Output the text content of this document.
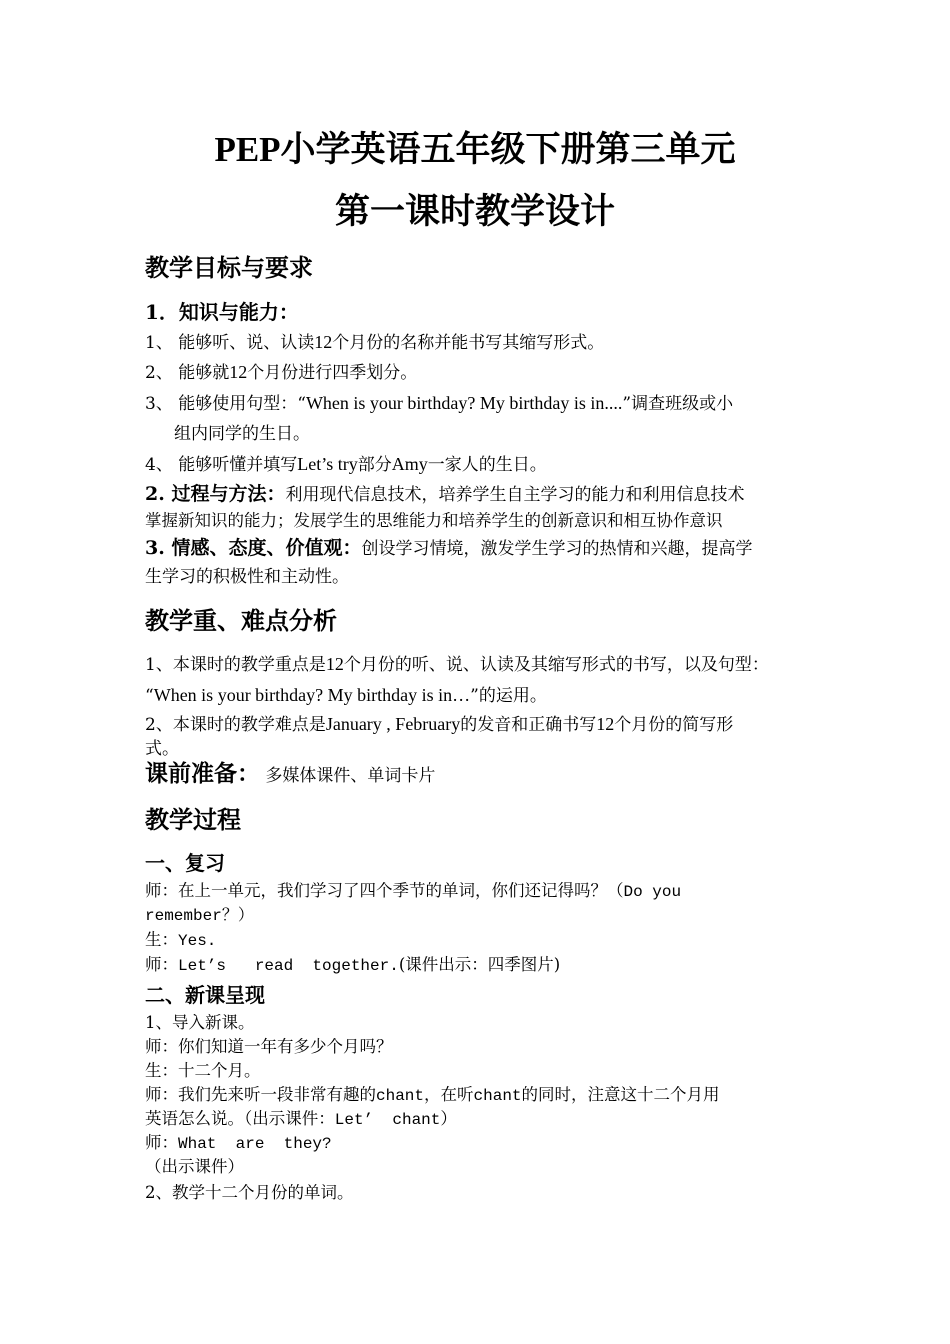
PEP小学英语五年级下册第三单元
第一课时教学设计
教学目标与要求
1．知识与能力：
1、 能够听、说、认读12个月份的名称并能书写其缩写形式。
2、 能够就12个月份进行四季划分。
3、 能够使用句型：“When is your birthday? My birthday is in....”调查班级或小
组内同学的生日。
4、 能够听懂并填写Let’s try部分Amy一家人的生日。
2. 过程与方法：利用现代信息技术，培养学生自主学习的能力和利用信息技术
掌握新知识的能力；发展学生的思维能力和培养学生的创新意识和相互协作意识
3. 情感、态度、价值观：创设学习情境，激发学生学习的热情和兴趣，提高学
生学习的积极性和主动性。
教学重、难点分析
1、本课时的教学重点是12个月份的听、说、认读及其缩写形式的书写，以及句型：
“When is your birthday? My birthday is in…”的运用。
2、本课时的教学难点是January , February的发音和正确书写12个月份的简写形
式。
课前准备： 多媒体课件、单词卡片
教学过程
一、复习
师：在上一单元，我们学习了四个季节的单词，你们还记得吗？（Do you
remember？）
生：Yes.
师：Let’s   read  together.(课件出示：四季图片)
二、新课呈现
1、导入新课。
师：你们知道一年有多少个月吗？
生：十二个月。
师：我们先来听一段非常有趣的chant，在听chant的同时，注意这十二个月用
英语怎么说。（出示课件：Let’  chant）
师：What  are  they?
（出示课件）
2、教学十二个月份的单词。
